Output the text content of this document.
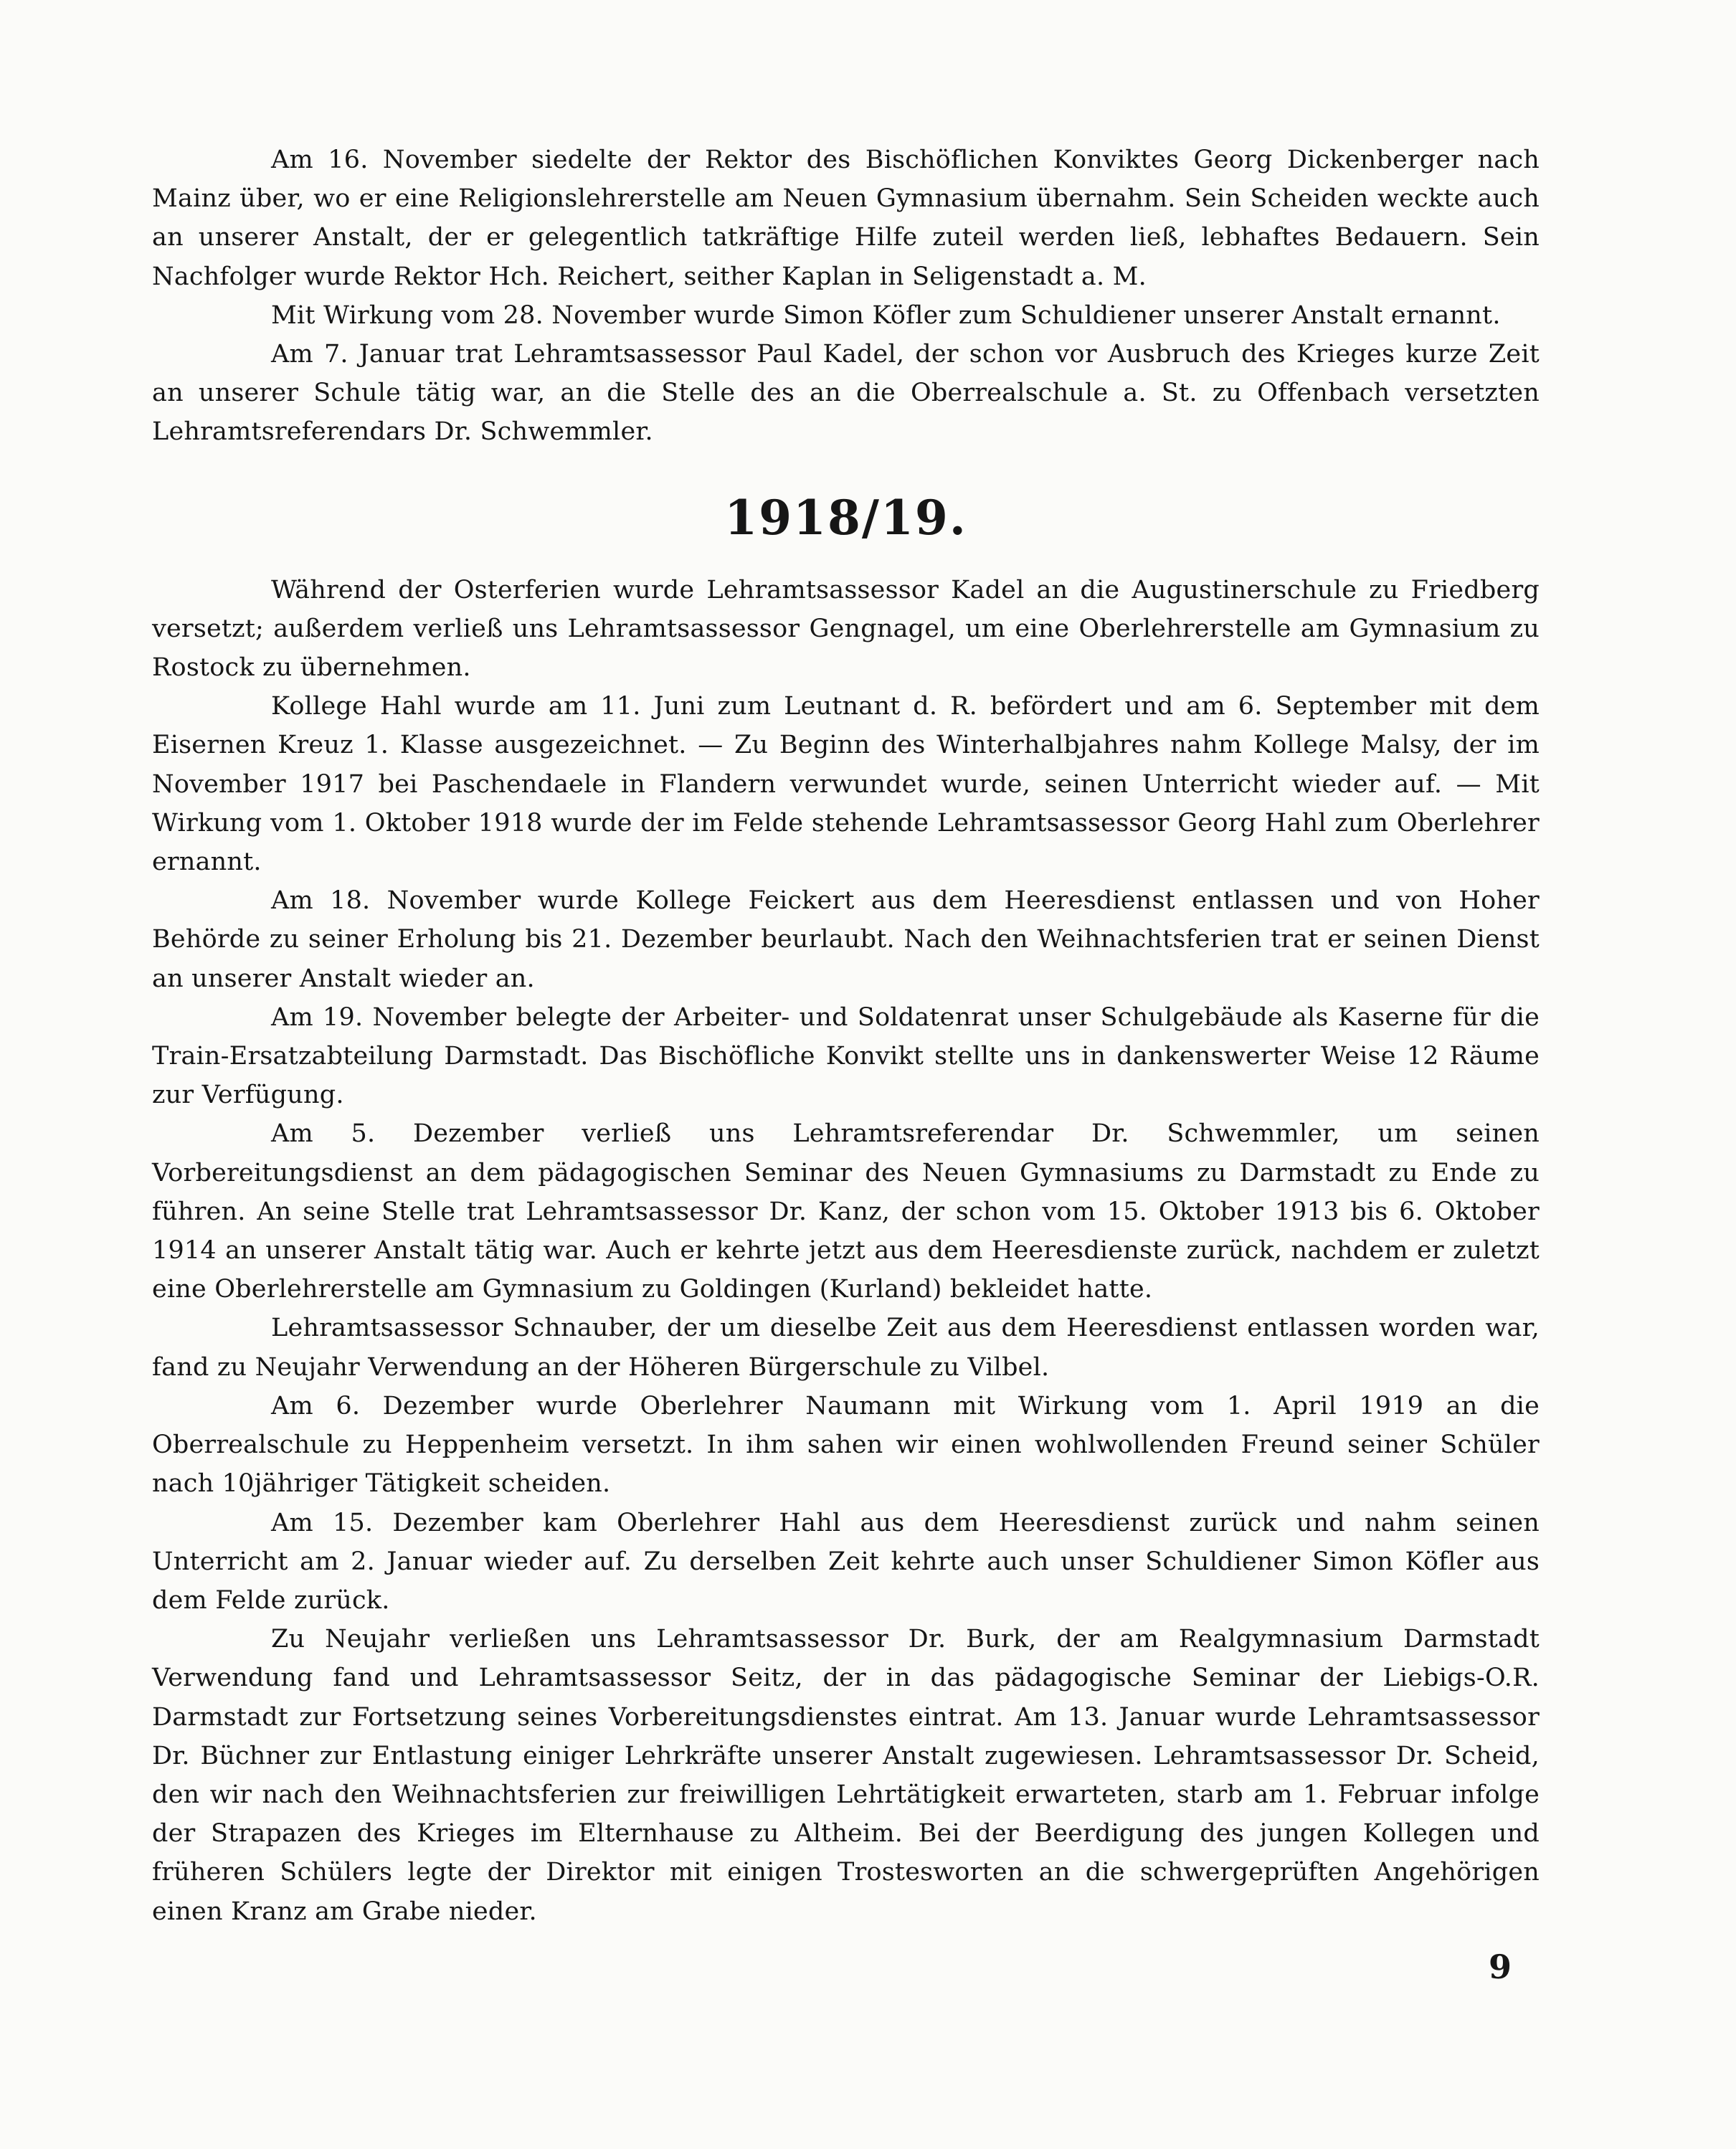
Am 16. November siedelte der Rektor des Bischöflichen Konviktes Georg Dickenberger nach Mainz über, wo er eine Religionslehrerstelle am Neuen Gymnasium übernahm. Sein Scheiden weckte auch an unserer Anstalt, der er gelegentlich tatkräftige Hilfe zuteil werden ließ, lebhaftes Bedauern. Sein Nachfolger wurde Rektor Hch. Reichert, seither Kaplan in Seligenstadt a. M.

Mit Wirkung vom 28. November wurde Simon Köfler zum Schuldiener unserer Anstalt ernannt.

Am 7. Januar trat Lehramtsassessor Paul Kadel, der schon vor Ausbruch des Krieges kurze Zeit an unserer Schule tätig war, an die Stelle des an die Oberrealschule a. St. zu Offenbach versetzten Lehramtsreferendars Dr. Schwemmler.

1918/19.

Während der Osterferien wurde Lehramtsassessor Kadel an die Augustinerschule zu Friedberg versetzt; außerdem verließ uns Lehramtsassessor Gengnagel, um eine Oberlehrerstelle am Gymnasium zu Rostock zu übernehmen.

Kollege Hahl wurde am 11. Juni zum Leutnant d. R. befördert und am 6. September mit dem Eisernen Kreuz 1. Klasse ausgezeichnet. — Zu Beginn des Winterhalbjahres nahm Kollege Malsy, der im November 1917 bei Paschendaele in Flandern verwundet wurde, seinen Unterricht wieder auf. — Mit Wirkung vom 1. Oktober 1918 wurde der im Felde stehende Lehramtsassessor Georg Hahl zum Oberlehrer ernannt.

Am 18. November wurde Kollege Feickert aus dem Heeresdienst entlassen und von Hoher Behörde zu seiner Erholung bis 21. Dezember beurlaubt. Nach den Weihnachtsferien trat er seinen Dienst an unserer Anstalt wieder an.

Am 19. November belegte der Arbeiter- und Soldatenrat unser Schulgebäude als Kaserne für die Train-Ersatzabteilung Darmstadt. Das Bischöfliche Konvikt stellte uns in dankenswerter Weise 12 Räume zur Verfügung.

Am 5. Dezember verließ uns Lehramtsreferendar Dr. Schwemmler, um seinen Vorbereitungsdienst an dem pädagogischen Seminar des Neuen Gymnasiums zu Darmstadt zu Ende zu führen. An seine Stelle trat Lehramtsassessor Dr. Kanz, der schon vom 15. Oktober 1913 bis 6. Oktober 1914 an unserer Anstalt tätig war. Auch er kehrte jetzt aus dem Heeresdienste zurück, nachdem er zuletzt eine Oberlehrerstelle am Gymnasium zu Goldingen (Kurland) bekleidet hatte.

Lehramtsassessor Schnauber, der um dieselbe Zeit aus dem Heeresdienst entlassen worden war, fand zu Neujahr Verwendung an der Höheren Bürgerschule zu Vilbel.

Am 6. Dezember wurde Oberlehrer Naumann mit Wirkung vom 1. April 1919 an die Oberrealschule zu Heppenheim versetzt. In ihm sahen wir einen wohlwollenden Freund seiner Schüler nach 10jähriger Tätigkeit scheiden.

Am 15. Dezember kam Oberlehrer Hahl aus dem Heeresdienst zurück und nahm seinen Unterricht am 2. Januar wieder auf. Zu derselben Zeit kehrte auch unser Schuldiener Simon Köfler aus dem Felde zurück.

Zu Neujahr verließen uns Lehramtsassessor Dr. Burk, der am Realgymnasium Darmstadt Verwendung fand und Lehramtsassessor Seitz, der in das pädagogische Seminar der Liebigs-O.R. Darmstadt zur Fortsetzung seines Vorbereitungsdienstes eintrat. Am 13. Januar wurde Lehramtsassessor Dr. Büchner zur Entlastung einiger Lehrkräfte unserer Anstalt zugewiesen. Lehramtsassessor Dr. Scheid, den wir nach den Weihnachtsferien zur freiwilligen Lehrtätigkeit erwarteten, starb am 1. Februar infolge der Strapazen des Krieges im Elternhause zu Altheim. Bei der Beerdigung des jungen Kollegen und früheren Schülers legte der Direktor mit einigen Trostesworten an die schwergeprüften Angehörigen einen Kranz am Grabe nieder.

9
